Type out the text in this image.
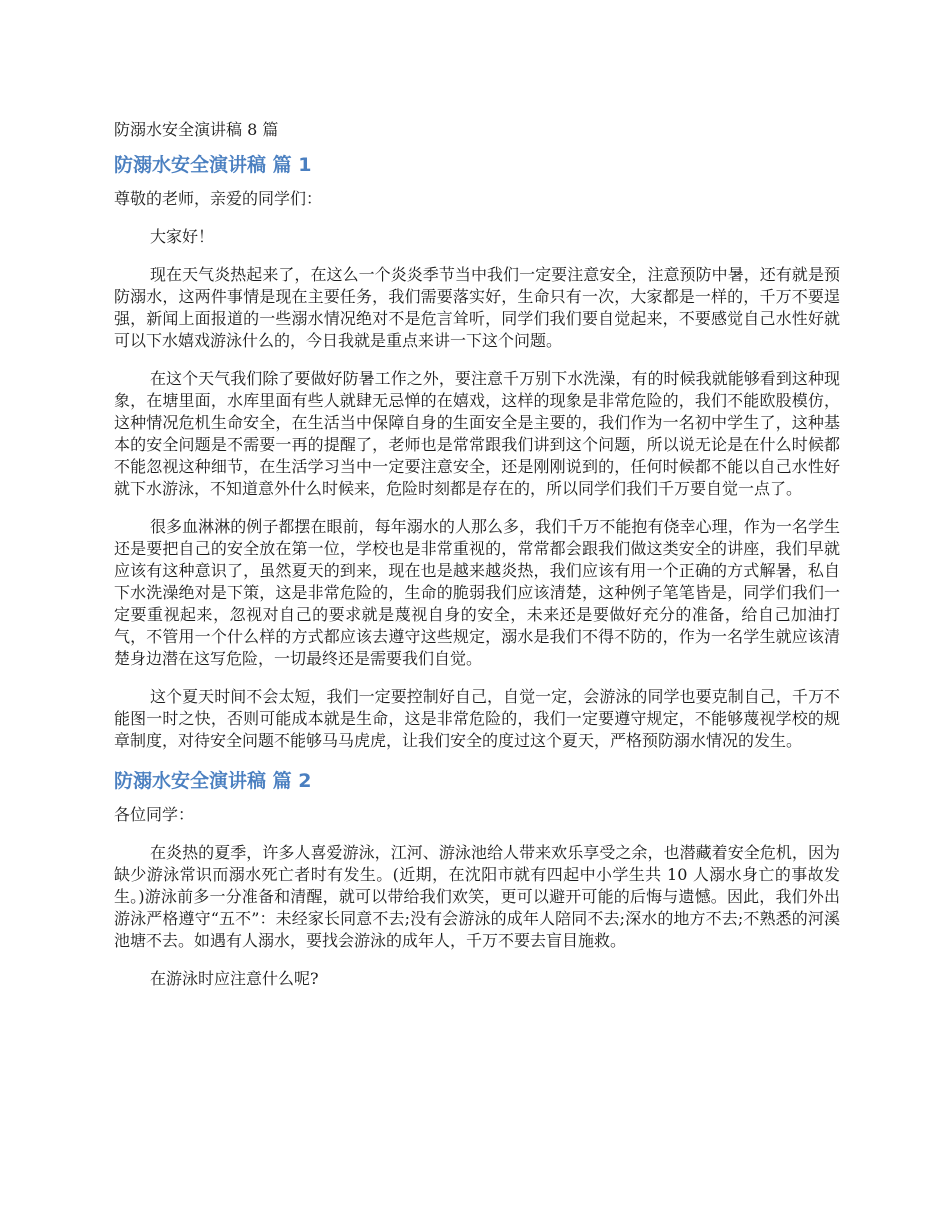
防溺水安全演讲稿 8 篇
防溺水安全演讲稿 篇 1
尊敬的老师，亲爱的同学们：
大家好！
现在天气炎热起来了，在这么一个炎炎季节当中我们一定要注意安全，注意预防中暑，还有就是预防溺水，这两件事情是现在主要任务，我们需要落实好，生命只有一次，大家都是一样的，千万不要逞强，新闻上面报道的一些溺水情况绝对不是危言耸听，同学们我们要自觉起来，不要感觉自己水性好就可以下水嬉戏游泳什么的，今日我就是重点来讲一下这个问题。
在这个天气我们除了要做好防暑工作之外，要注意千万别下水洗澡，有的时候我就能够看到这种现象，在塘里面，水库里面有些人就肆无忌惮的在嬉戏，这样的现象是非常危险的，我们不能欧股模仿，这种情况危机生命安全，在生活当中保障自身的生面安全是主要的，我们作为一名初中学生了，这种基本的安全问题是不需要一再的提醒了，老师也是常常跟我们讲到这个问题，所以说无论是在什么时候都不能忽视这种细节，在生活学习当中一定要注意安全，还是刚刚说到的，任何时候都不能以自己水性好就下水游泳，不知道意外什么时候来，危险时刻都是存在的，所以同学们我们千万要自觉一点了。
很多血淋淋的例子都摆在眼前，每年溺水的人那么多，我们千万不能抱有侥幸心理，作为一名学生还是要把自己的安全放在第一位，学校也是非常重视的，常常都会跟我们做这类安全的讲座，我们早就应该有这种意识了，虽然夏天的到来，现在也是越来越炎热，我们应该有用一个正确的方式解暑，私自下水洗澡绝对是下策，这是非常危险的，生命的脆弱我们应该清楚，这种例子笔笔皆是，同学们我们一定要重视起来，忽视对自己的要求就是蔑视自身的安全，未来还是要做好充分的准备，给自己加油打气，不管用一个什么样的方式都应该去遵守这些规定，溺水是我们不得不防的，作为一名学生就应该清楚身边潜在这写危险，一切最终还是需要我们自觉。
这个夏天时间不会太短，我们一定要控制好自己，自觉一定，会游泳的同学也要克制自己，千万不能图一时之快，否则可能成本就是生命，这是非常危险的，我们一定要遵守规定，不能够蔑视学校的规章制度，对待安全问题不能够马马虎虎，让我们安全的度过这个夏天，严格预防溺水情况的发生。
防溺水安全演讲稿 篇 2
各位同学：
在炎热的夏季，许多人喜爱游泳，江河、游泳池给人带来欢乐享受之余，也潜藏着安全危机，因为缺少游泳常识而溺水死亡者时有发生。(近期，在沈阳市就有四起中小学生共 10 人溺水身亡的事故发生。)游泳前多一分准备和清醒，就可以带给我们欢笑，更可以避开可能的后悔与遗憾。因此，我们外出游泳严格遵守“五不”：未经家长同意不去;没有会游泳的成年人陪同不去;深水的地方不去;不熟悉的河溪池塘不去。如遇有人溺水，要找会游泳的成年人，千万不要去盲目施救。
在游泳时应注意什么呢?
